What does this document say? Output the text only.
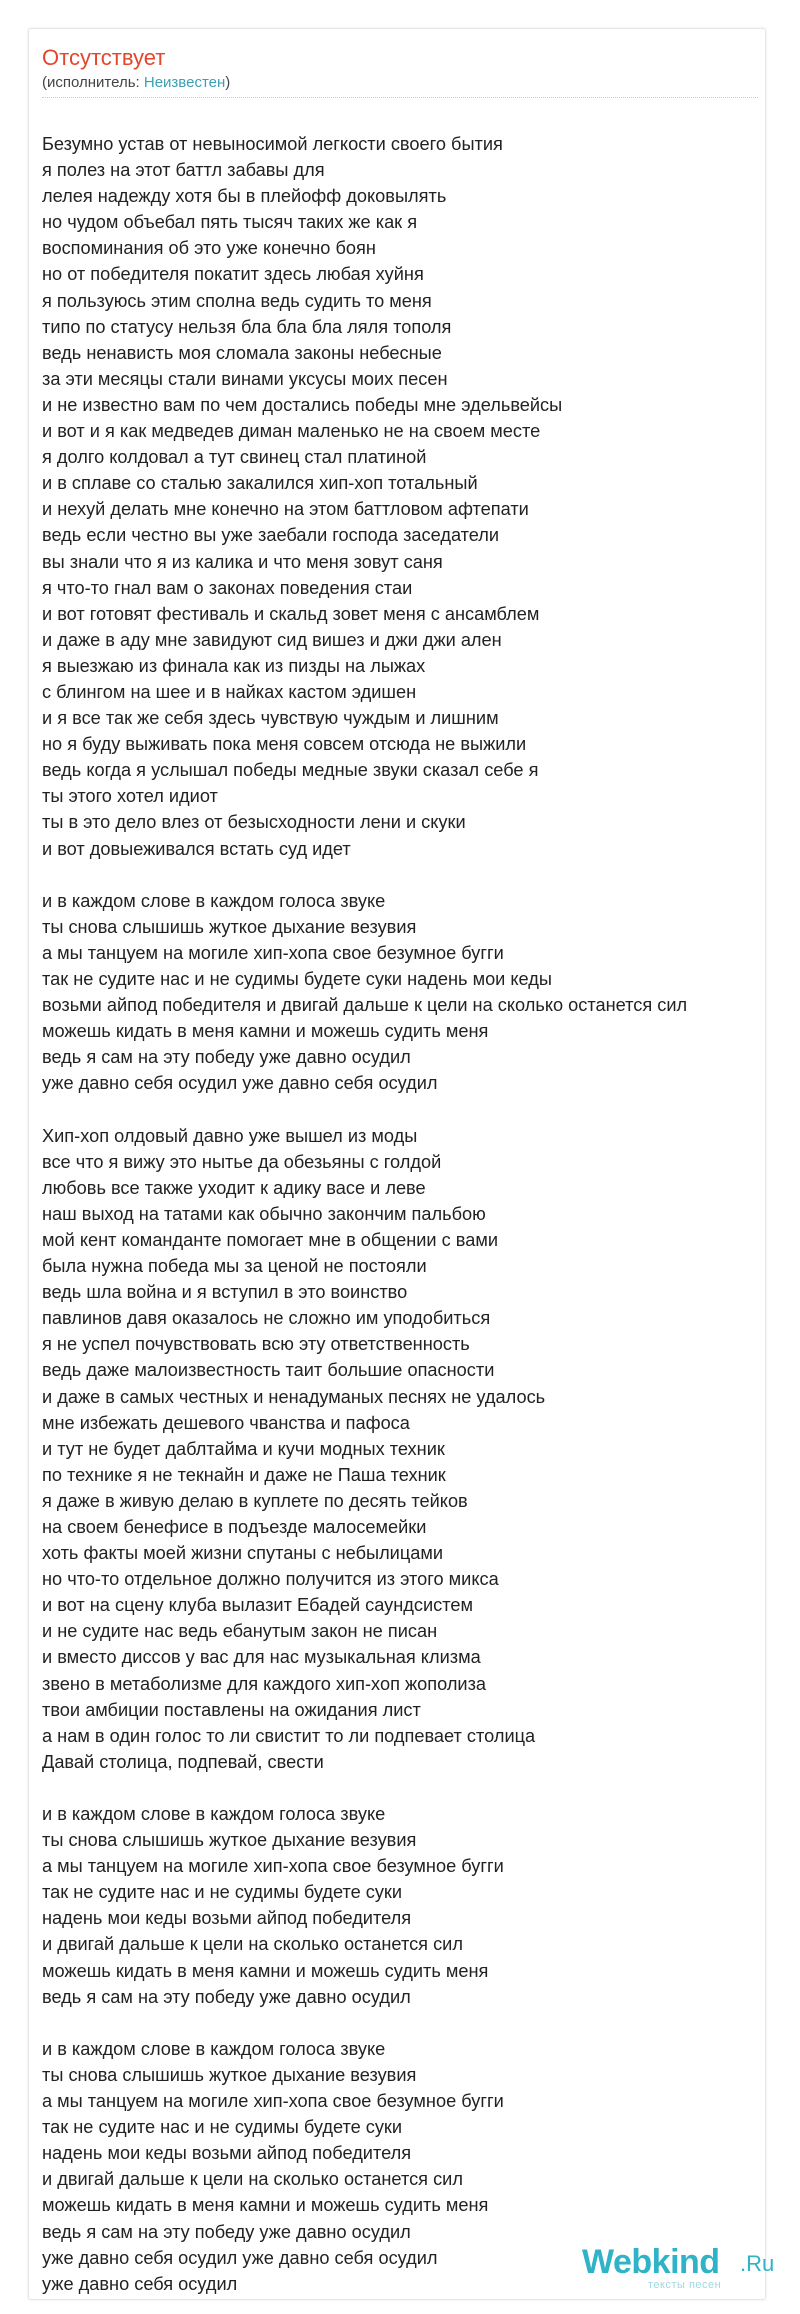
Отсутствует
(исполнитель: Неизвестен)
Безумно устав от невыносимой легкости своего бытия
я полез на этот баттл забавы для
лелея надежду хотя бы в плейофф доковылять
но чудом объебал пять тысяч таких же как я
воспоминания об это уже конечно боян
но от победителя покатит здесь любая хуйня
я пользуюсь этим сполна ведь судить то меня
типо по статусу нельзя бла бла бла ляля тополя
ведь ненависть моя сломала законы небесные
за эти месяцы стали винами уксусы моих песен
и не известно вам по чем достались победы мне эдельвейсы
и вот и я как медведев диман маленько не на своем месте
я долго колдовал а тут свинец стал платиной
и в сплаве со сталью закалился хип-хоп тотальный
и нехуй делать мне конечно на этом баттловом афтепати
ведь если честно вы уже заебали господа заседатели
вы знали что я из калика и что меня зовут саня
я что-то гнал вам о законах поведения стаи
и вот готовят фестиваль и скальд зовет меня с ансамблем
и даже в аду мне завидуют сид вишез и джи джи ален
я выезжаю из финала как из пизды на лыжах
с блингом на шее и в найках кастом эдишен
и я все так же себя здесь чувствую чуждым и лишним
но я буду выживать пока меня совсем отсюда не выжили
ведь когда я услышал победы медные звуки сказал себе я
ты этого хотел идиот
ты в это дело влез от безысходности лени и скуки
и вот довыеживался встать суд идет
и в каждом слове в каждом голоса звуке
ты снова слышишь жуткое дыхание везувия
а мы танцуем на могиле хип-хопа свое безумное бугги
так не судите нас и не судимы будете суки надень мои кеды
возьми айпод победителя и двигай дальше к цели на сколько останется сил
можешь кидать в меня камни и можешь судить меня
ведь я сам на эту победу уже давно осудил
уже давно себя осудил уже давно себя осудил
Хип-хоп олдовый давно уже вышел из моды
все что я вижу это нытье да обезьяны с голдой
любовь все также уходит к адику васе и леве
наш выход на татами как обычно закончим пальбою
мой кент команданте помогает мне в общении с вами
была нужна победа мы за ценой не постояли
ведь шла война и я вступил в это воинство
павлинов давя оказалось не сложно им уподобиться
я не успел почувствовать всю эту ответственность
ведь даже малоизвестность таит большие опасности
и даже в самых честных и ненадуманых песнях не удалось
мне избежать дешевого чванства и пафоса
и тут не будет даблтайма и кучи модных техник
по технике я не текнайн и даже не Паша техник
я даже в живую делаю в куплете по десять тейков
на своем бенефисе в подъезде малосемейки
хоть факты моей жизни спутаны с небылицами
но что-то отдельное должно получится из этого микса
и вот на сцену клуба вылазит Ебадей саундсистем
и не судите нас ведь ебанутым закон не писан
и вместо диссов у вас для нас музыкальная клизма
звено в метаболизме для каждого хип-хоп жополиза
твои амбиции поставлены на ожидания лист
а нам в один голос то ли свистит то ли подпевает столица
Давай столица, подпевай, свести
и в каждом слове в каждом голоса звуке
ты снова слышишь жуткое дыхание везувия
а мы танцуем на могиле хип-хопа свое безумное бугги
так не судите нас и не судимы будете суки
надень мои кеды возьми айпод победителя
и двигай дальше к цели на сколько останется сил
можешь кидать в меня камни и можешь судить меня
ведь я сам на эту победу уже давно осудил
и в каждом слове в каждом голоса звуке
ты снова слышишь жуткое дыхание везувия
а мы танцуем на могиле хип-хопа свое безумное бугги
так не судите нас и не судимы будете суки
надень мои кеды возьми айпод победителя
и двигай дальше к цели на сколько останется сил
можешь кидать в меня камни и можешь судить меня
ведь я сам на эту победу уже давно осудил
уже давно себя осудил уже давно себя осудил
уже давно себя осудил
Webkind .Ru
тексты песен
